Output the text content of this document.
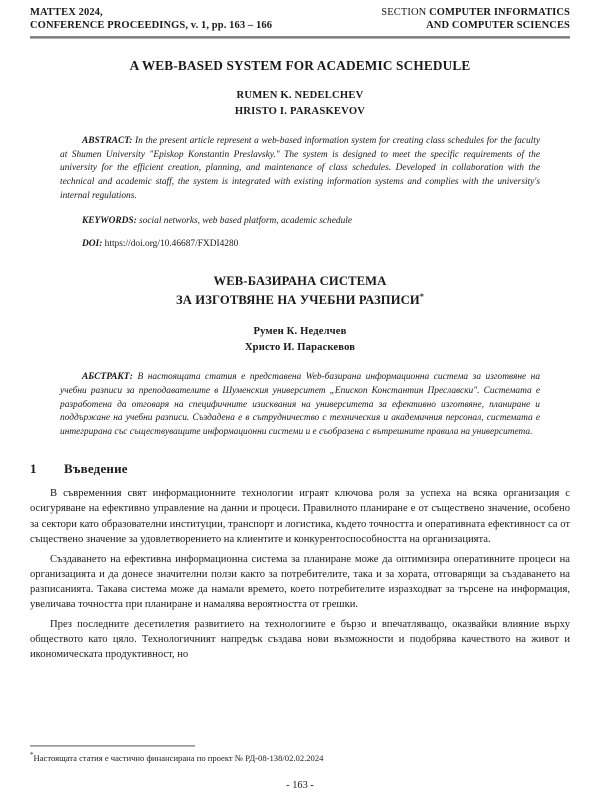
MATTEX 2024,
CONFERENCE PROCEEDINGS, v. 1, pp. 163 – 166
SECTION COMPUTER INFORMATICS
AND COMPUTER SCIENCES
A WEB-BASED SYSTEM FOR ACADEMIC SCHEDULE
RUMEN K. NEDELCHEV
HRISTO I. PARASKEVOV
ABSTRACT: In the present article represent a web-based information system for creating class schedules for the faculty at Shumen University "Episkop Konstantin Preslavsky." The system is designed to meet the specific requirements of the university for the efficient creation, planning, and maintenance of class schedules. Developed in collaboration with the technical and academic staff, the system is integrated with existing information systems and complies with the university's internal regulations.
KEYWORDS: social networks, web based platform, academic schedule
DOI: https://doi.org/10.46687/FXDI4280
WEB-БАЗИРАНА СИСТЕМА
ЗА ИЗГОТВЯНЕ НА УЧЕБНИ РАЗПИСИ*
Румен К. Неделчев
Христо И. Параскевов
АБСТРАКТ: В настоящата статия е представена Web-базирана информационна система за изготвяне на учебни разписи за преподавателите в Шуменския университет „Епископ Константин Преславски". Системата е разработена да отговаря на специфичните изисквания на университета за ефективно изготвяне, планиране и поддържане на учебни разписи. Създадена е в сътрудничество с техническия и академичния персонал, системата е интегрирана със съществуващите информационни системи и е съобразена с вътрешните правила на университета.
1	Въведение
В съвременния свят информационните технологии играят ключова роля за успеха на всяка организация с осигуряване на ефективно управление на данни и процеси. Правилното планиране е от съществено значение, особено за сектори като образователни институции, транспорт и логистика, където точността и оперативната ефективност са от съществено значение за удовлетворението на клиентите и конкурентоспособността на организацията.
Създаването на ефективна информационна система за планиране може да оптимизира оперативните процеси на организацията и да донесе значителни ползи както за потребителите, така и за хората, отговарящи за създаването на разписанията. Такава система може да намали времето, което потребителите изразходват за търсене на информация, увеличава точността при планиране и намалява вероятността от грешки.
През последните десетилетия развитието на технологиите е бързо и впечатляващо, оказвайки влияние върху обществото като цяло. Технологичният напредък създава нови възможности и подобрява качеството на живот и икономическата продуктивност, но
*Настоящата статия е частично финансирана по проект № РД-08-138/02.02.2024
- 163 -
